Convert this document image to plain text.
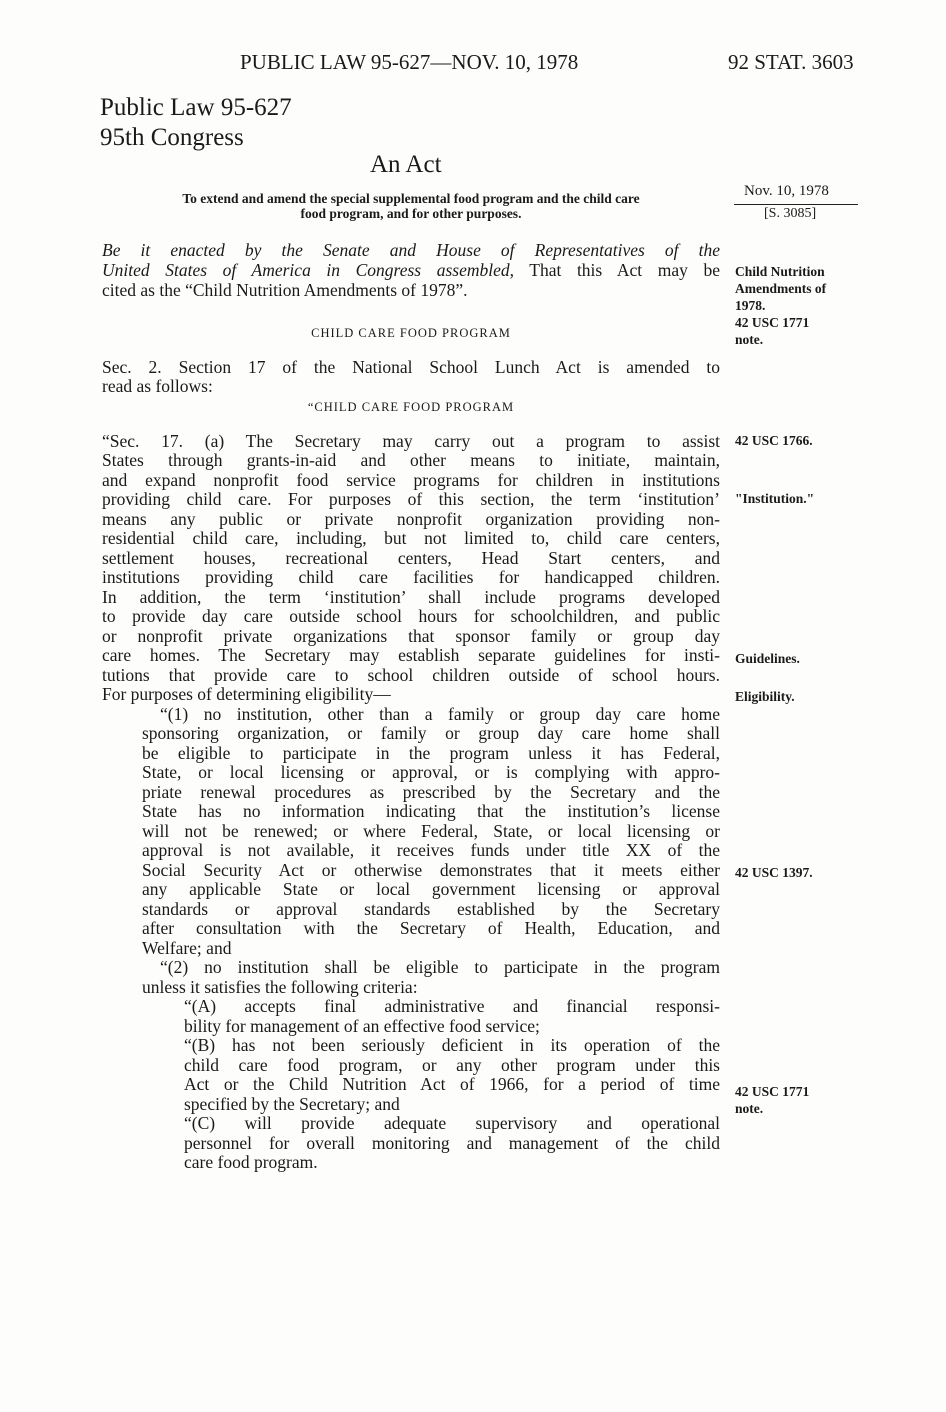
PUBLIC LAW 95-627—NOV. 10, 1978	92 STAT. 3603
Public Law 95-627
95th Congress
An Act
To extend and amend the special supplemental food program and the child care
food program, and for other purposes.
Nov. 10, 1978
[S. 3085]
Be it enacted by the Senate and House of Representatives of the
United States of America in Congress assembled, That this Act may be
cited as the “Child Nutrition Amendments of 1978”.
Child Nutrition
Amendments of
1978.
42 USC 1771
note.
CHILD CARE FOOD PROGRAM
Sec. 2. Section 17 of the National School Lunch Act is amended to
read as follows:
“CHILD CARE FOOD PROGRAM
“Sec. 17. (a) The Secretary may carry out a program to assist
States through grants-in-aid and other means to initiate, maintain,
and expand nonprofit food service programs for children in institutions
providing child care. For purposes of this section, the term ‘institution’
means any public or private nonprofit organization providing non-
residential child care, including, but not limited to, child care centers,
settlement houses, recreational centers, Head Start centers, and
institutions providing child care facilities for handicapped children.
In addition, the term ‘institution’ shall include programs developed
to provide day care outside school hours for schoolchildren, and public
or nonprofit private organizations that sponsor family or group day
care homes. The Secretary may establish separate guidelines for insti-
tutions that provide care to school children outside of school hours.
For purposes of determining eligibility—
“(1) no institution, other than a family or group day care home
sponsoring organization, or family or group day care home shall
be eligible to participate in the program unless it has Federal,
State, or local licensing or approval, or is complying with appro-
priate renewal procedures as prescribed by the Secretary and the
State has no information indicating that the institution’s license
will not be renewed; or where Federal, State, or local licensing or
approval is not available, it receives funds under title XX of the
Social Security Act or otherwise demonstrates that it meets either
any applicable State or local government licensing or approval
standards or approval standards established by the Secretary
after consultation with the Secretary of Health, Education, and
Welfare; and
“(2) no institution shall be eligible to participate in the program
unless it satisfies the following criteria:
“(A) accepts final administrative and financial responsi-
bility for management of an effective food service;
“(B) has not been seriously deficient in its operation of the
child care food program, or any other program under this
Act or the Child Nutrition Act of 1966, for a period of time
specified by the Secretary; and
“(C) will provide adequate supervisory and operational
personnel for overall monitoring and management of the child
care food program.
42 USC 1766.
"Institution."
Guidelines.
Eligibility.
42 USC 1397.
42 USC 1771
note.
